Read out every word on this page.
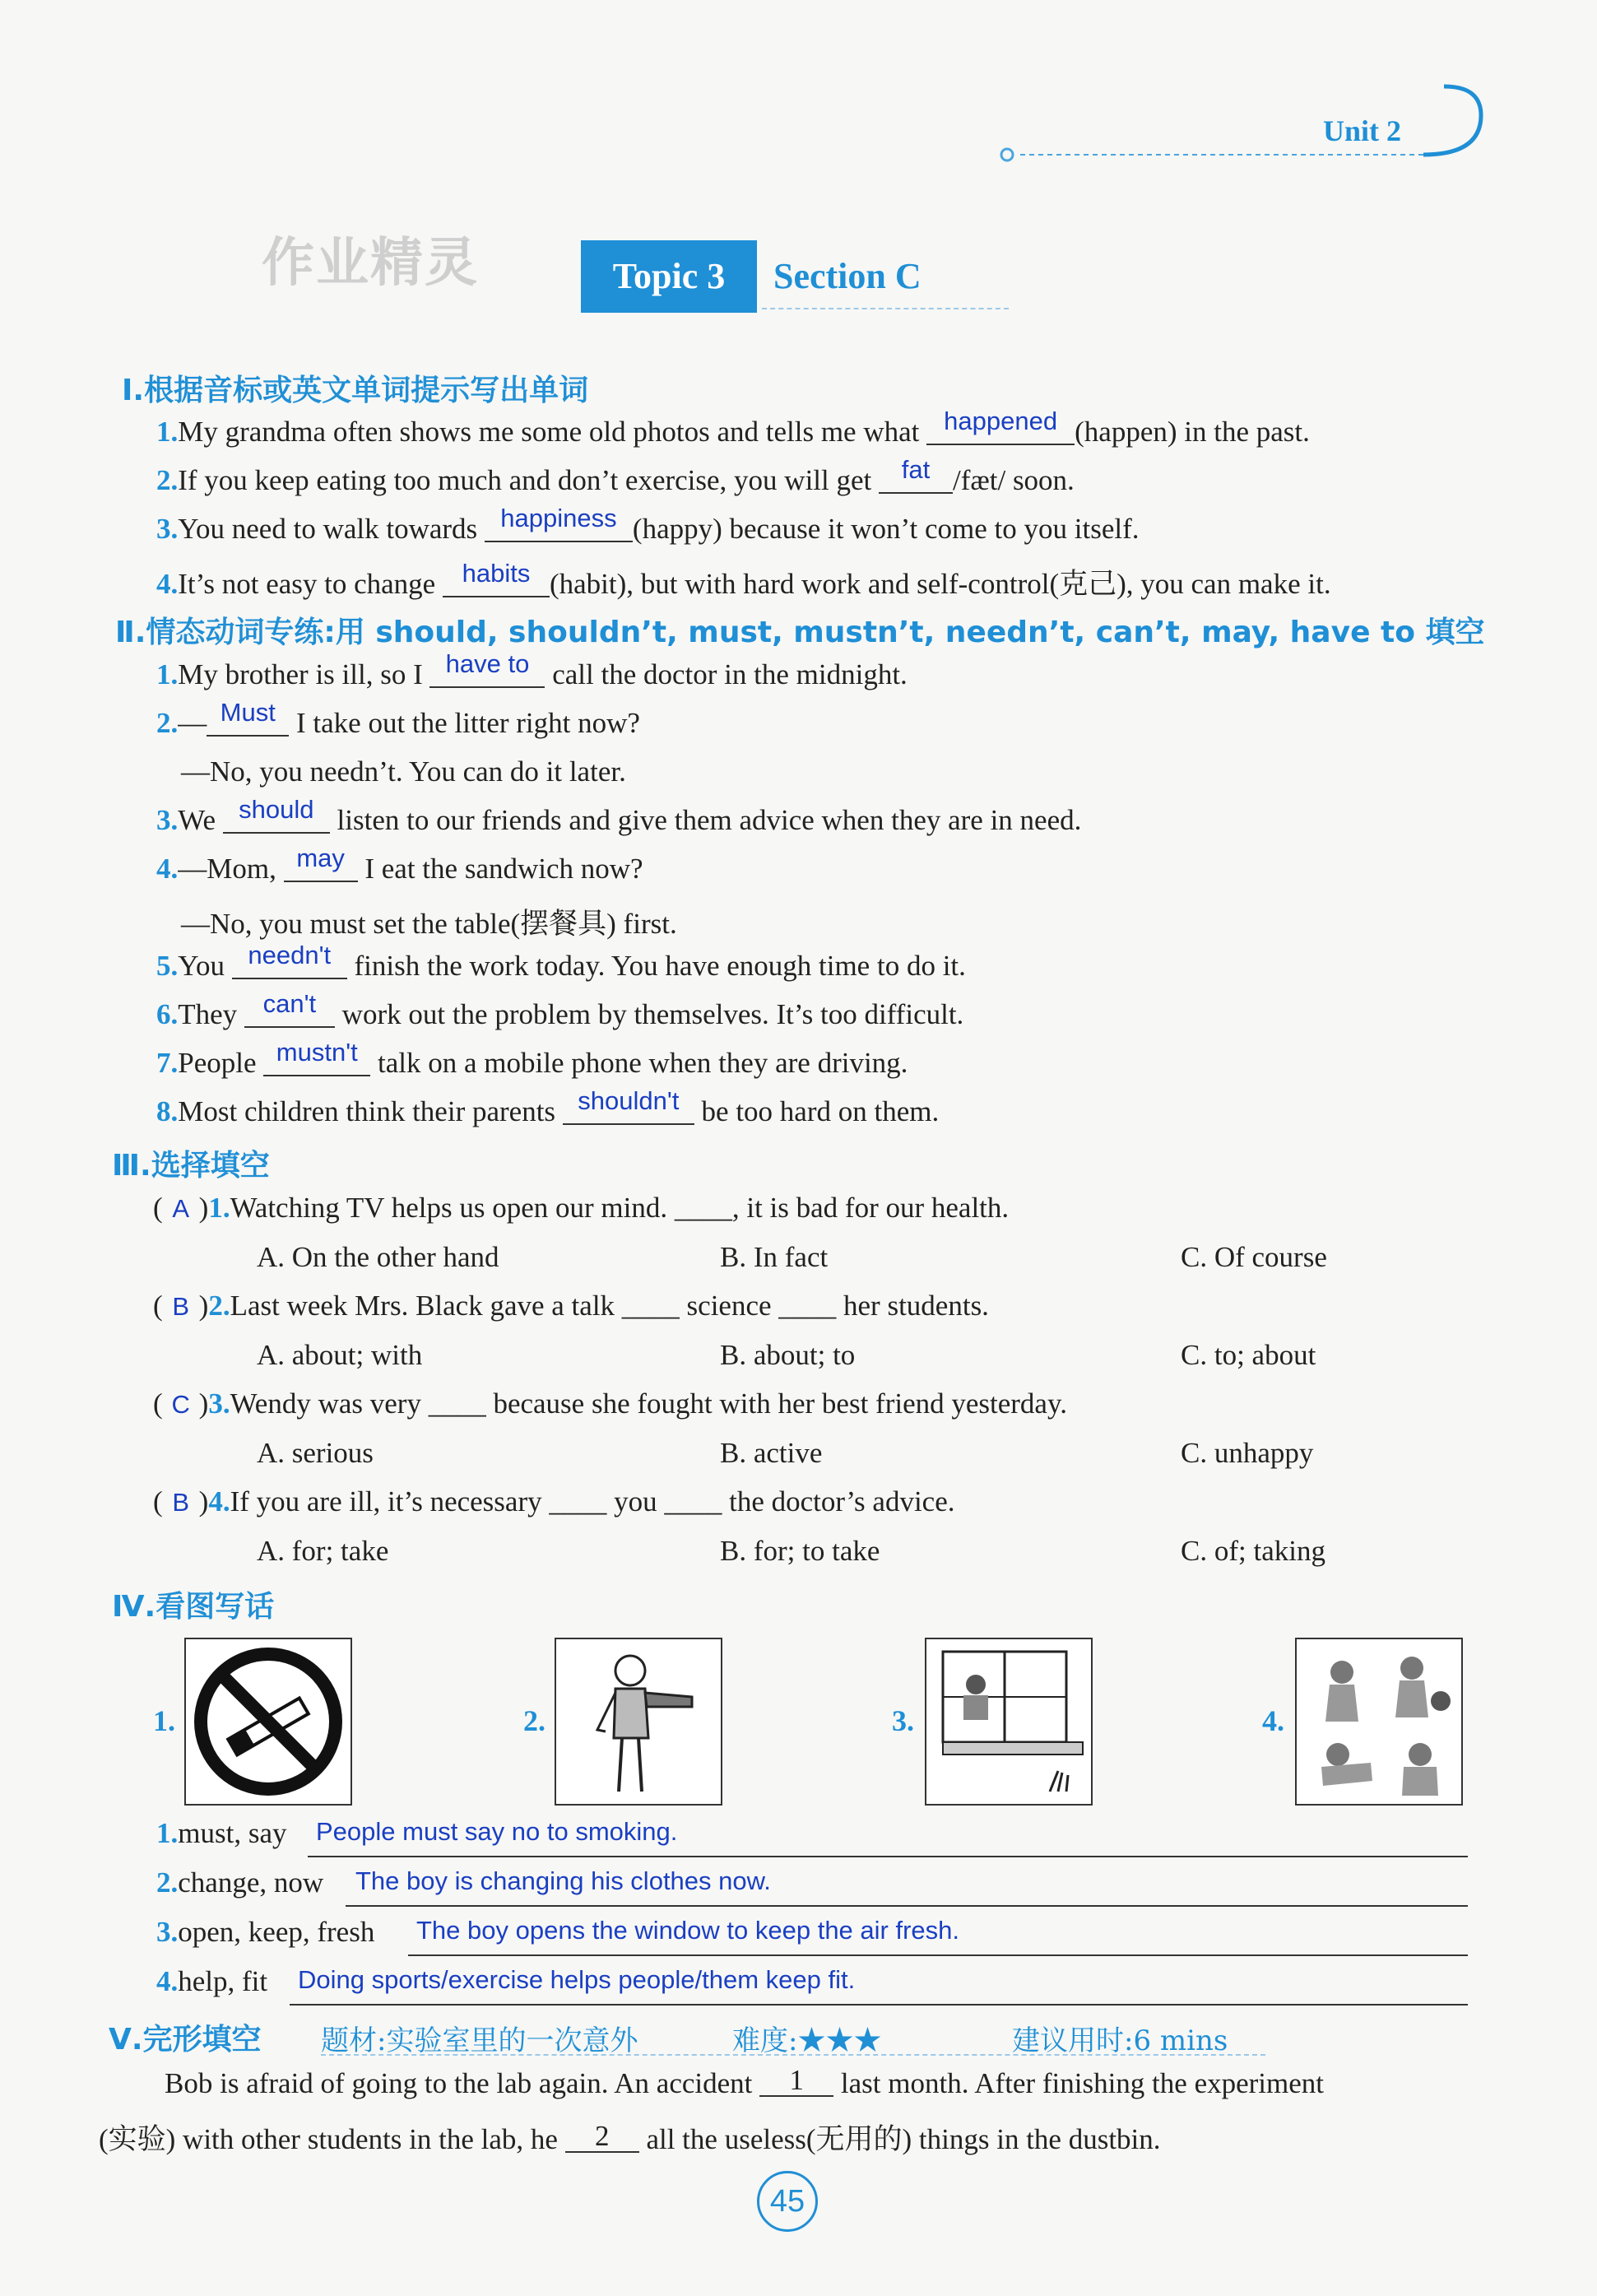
Unit 2
作业精灵	Topic 3	Section C
Ⅰ.根据音标或英文单词提示写出单词
1.My grandma often shows me some old photos and tells me what happened (happen) in the past.
2.If you keep eating too much and don’t exercise, you will get fat /fæt/ soon.
3.You need to walk towards happiness (happy) because it won’t come to you itself.
4.It’s not easy to change habits (habit), but with hard work and self-control(克己), you can make it.
Ⅱ.情态动词专练:用 should, shouldn’t, must, mustn’t, needn’t, can’t, may, have to 填空
1.My brother is ill, so I have to call the doctor in the midnight.
2.— Must I take out the litter right now?
—No, you needn’t. You can do it later.
3.We should listen to our friends and give them advice when they are in need.
4.—Mom, may I eat the sandwich now?
—No, you must set the table(摆餐具) first.
5.You needn't finish the work today. You have enough time to do it.
6.They can't work out the problem by themselves. It’s too difficult.
7.People mustn't talk on a mobile phone when they are driving.
8.Most children think their parents shouldn't be too hard on them.
Ⅲ.选择填空
( A )1.Watching TV helps us open our mind. ____, it is bad for our health.
A. On the other hand	B. In fact	C. Of course
( B )2.Last week Mrs. Black gave a talk ____ science ____ her students.
A. about; with	B. about; to	C. to; about
( C )3.Wendy was very ____ because she fought with her best friend yesterday.
A. serious	B. active	C. unhappy
( B )4.If you are ill, it’s necessary ____ you ____ the doctor’s advice.
A. for; take	B. for; to take	C. of; taking
Ⅳ.看图写话
1.	2.	3.	4.
1.must, say People must say no to smoking.
2.change, now The boy is changing his clothes now.
3.open, keep, fresh The boy opens the window to keep the air fresh.
4.help, fit Doing sports/exercise helps people/them keep fit.
Ⅴ.完形填空 题材:实验室里的一次意外	难度:★★★	建议用时:6 mins
Bob is afraid of going to the lab again. An accident 1 last month. After finishing the experiment
(实验) with other students in the lab, he 2 all the useless(无用的) things in the dustbin.
45
